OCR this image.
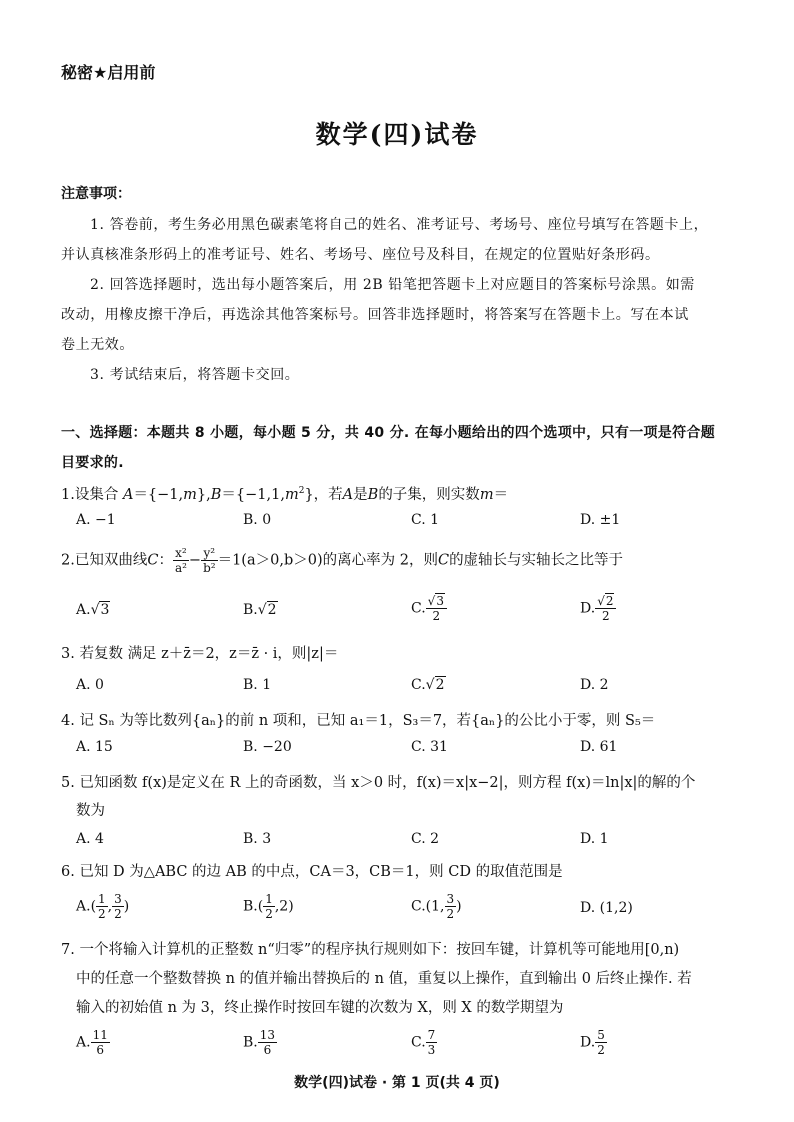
秘密★启用前
数学(四)试卷
注意事项：
1. 答卷前，考生务必用黑色碳素笔将自己的姓名、准考证号、考场号、座位号填写在答题卡上，
并认真核准条形码上的准考证号、姓名、考场号、座位号及科目，在规定的位置贴好条形码。
2. 回答选择题时，选出每小题答案后，用 2B 铅笔把答题卡上对应题目的答案标号涂黑。如需
改动，用橡皮擦干净后，再选涂其他答案标号。回答非选择题时，将答案写在答题卡上。写在本试
卷上无效。
3. 考试结束后，将答题卡交回。
一、选择题：本题共 8 小题，每小题 5 分，共 40 分. 在每小题给出的四个选项中，只有一项是符合题
目要求的.
1.设集合 $A=\{-1,m\},B=\{-1,1,m^2\}$，若A是B的子集，则实数m＝
A. −1	B. 0	C. 1	D. ±1
2.已知双曲线C： $\frac{\text{x²}}{\text{a²}} - \frac{\text{y²}}{\text{b²}} =1(a>0,b>0)$的离心率为 2，则C的虚轴长与实轴长之比等于
A.√3	B.√2	C. $\frac{√3}{2}$	D. $\frac{√2}{2}$
3. 若复数 满足 z＋z̄＝2，z＝z̄ · i，则|z|＝
A. 0	B. 1	C.√2	D. 2
4. 记 Sₙ 为等比数列{aₙ}的前 n 项和，已知 a₁＝1，S₃＝7，若{aₙ}的公比小于零，则 S₅＝
A. 15	B. −20	C. 31	D. 61
5. 已知函数 f(x)是定义在 R 上的奇函数，当 x＞0 时，f(x)＝x|x−2|，则方程 f(x)＝ln|x|的解的个
数为
A. 4	B. 3	C. 2	D. 1
6. 已知 D 为△ABC 的边 AB 的中点，CA＝3，CB＝1，则 CD 的取值范围是
$A.( \frac{1}{2}$ , $\frac{3}{2}$ )	$B.( \frac{1}{2} ,2)$	C.(1, $\frac{3}{2}$ )	D. (1,2)
7. 一个将输入计算机的正整数 n“归零”的程序执行规则如下：按回车键，计算机等可能地用[0,n)
中的任意一个整数替换 n 的值并输出替换后的 n 值，重复以上操作，直到输出 0 后终止操作. 若
输入的初始值 n 为 3，终止操作时按回车键的次数为 X，则 X 的数学期望为
A. $\frac{11}{6}$	B. $\frac{13}{6}$	C. $\frac{7}{3}$	D. $\frac{5}{2}$
数学(四)试卷 · 第 1 页(共 4 页)
